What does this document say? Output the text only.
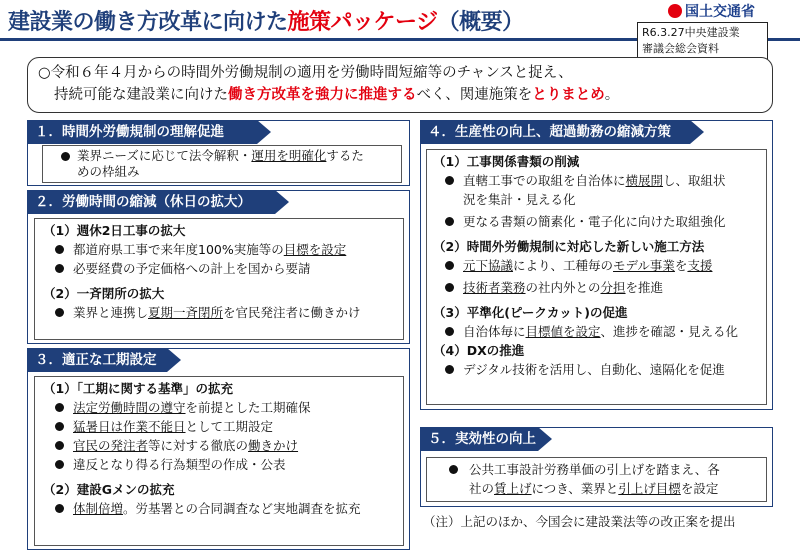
建設業の働き方改革に向けた施策パッケージ（概要）	国土交通省
R6.3.27中央建設業
審議会総会資料
○令和６年４月からの時間外労働規制の適用を労働時間短縮等のチャンスと捉え、
持続可能な建設業に向けた働き方改革を強力に推進するべく、関連施策をとりまとめ。
１．時間外労働規制の理解促進
業界ニーズに応じて法令解釈・運用を明確化するた
めの枠組み
２．労働時間の縮減（休日の拡大）
（1）週休2日工事の拡大
都道府県工事で来年度100%実施等の目標を設定
必要経費の予定価格への計上を国から要請
（2）一斉閉所の拡大
業界と連携し夏期一斉閉所を官民発注者に働きかけ
３．適正な工期設定
（1）「工期に関する基準」の拡充
法定労働時間の遵守を前提とした工期確保
猛暑日は作業不能日として工期設定
官民の発注者等に対する徹底の働きかけ
違反となり得る行為類型の作成・公表
（2）建設Gメンの拡充
体制倍増。労基署との合同調査など実地調査を拡充
４．生産性の向上、超過勤務の縮減方策
（1）工事関係書類の削減
直轄工事での取組を自治体に横展開し、取組状
況を集計・見える化
更なる書類の簡素化・電子化に向けた取組強化
（2）時間外労働規制に対応した新しい施工方法
元下協議により、工種毎のモデル事業を支援
技術者業務の社内外との分担を推進
（3）平準化(ピークカット)の促進
自治体毎に目標値を設定、進捗を確認・見える化
（4）DXの推進
デジタル技術を活用し、自動化、遠隔化を促進
５．実効性の向上
公共工事設計労務単価の引上げを踏まえ、各
社の賃上げにつき、業界と引上げ目標を設定
（注）上記のほか、今国会に建設業法等の改正案を提出
